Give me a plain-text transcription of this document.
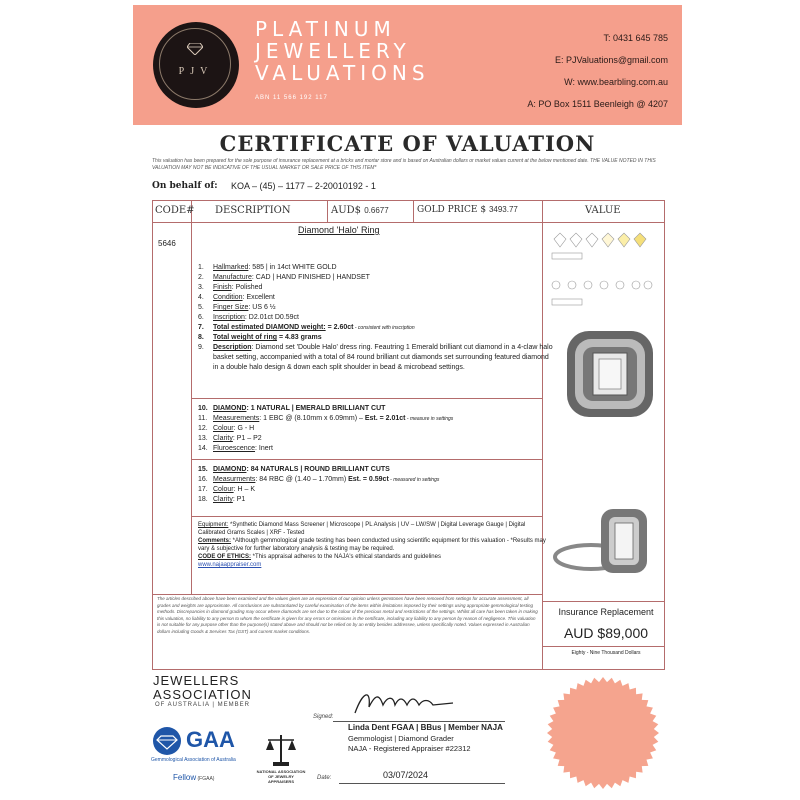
PJV
PLATINUM
JEWELLERY
VALUATIONS
ABN 11 566 192 117
T: 0431 645 785
E: PJValuations@gmail.com
W: www.bearbling.com.au
A: PO Box 1511 Beenleigh @ 4207
CERTIFICATE OF VALUATION
This valuation has been prepared for the sole purpose of insurance replacement at a bricks and mortar store and is based on Australian dollars or market values current at the below mentioned date. THE VALUE NOTED IN THIS VALUATION MAY NOT BE INDICATIVE OF THE USUAL MARKET OR SALE PRICE OF THIS ITEM*
On behalf of: KOA – (45) – 1177 – 2-20010192 - 1
CODE# DESCRIPTION	AUD$ 0.6677	GOLD PRICE $ 3493.77	VALUE
5646
Diamond 'Halo' Ring
1.	Hallmarked: 585 | in 14ct WHITE GOLD
2.	Manufacture: CAD | HAND FINISHED | HANDSET
3.	Finish: Polished
4.	Condition: Excellent
5.	Finger Size: US 6 ½
6.	Inscription: D2.01ct D0.59ct
7.	Total estimated DIAMOND weight: = 2.60ct - consistent with inscription
8.	Total weight of ring = 4.83 grams
9.	Description: Diamond set 'Double Halo' dress ring. Feautring 1 Emerald brilliant cut diamond in a 4-claw halo basket setting, accompanied with a total of 84 round brilliant cut diamonds set surrounding featured diamond in a double halo design & down each split shoulder in bead & microbead settings.
10. DIAMOND: 1 NATURAL | EMERALD BRILLIANT CUT
11. Measurements: 1 EBC @ (8.10mm x 6.09mm) – Est. = 2.01ct - measure in settings
12. Colour: G - H
13. Clarity: P1 – P2
14. Fluroescence: Inert
15. DIAMOND: 84 NATURALS | ROUND BRILLIANT CUTS
16. Measurments: 84 RBC @ (1.40 – 1.70mm) Est. = 0.59ct - measured in settings
17. Colour: H – K
18. Clarity: P1
Equipment: *Synthetic Diamond Mass Screener | Microscope | PL Analysis | UV – LW/SW | Digital Leverage Gauge | Digital Calibrated Grams Scales | XRF - Tested
Comments: *Although gemmological grade testing has been conducted using scientific equipment for this valuation - *Results may vary & subjective for further laboratory analysis & testing may be required.
CODE OF ETHICS: *This appraisal adheres to the NAJA's ethical standards and guidelines
www.najaappraiser.com
The articles described above have been examined and the values given are an expression of our opinion unless gemstones have been removed from settings for accurate assessment, all grades and weights are approximate. All conclusions are substantiated by careful examination of the items within limitations imposed by their settings using appropriate gemmological testing methods. Discrepancies in diamond grading may occur where diamonds are set due to the colour of the precious metal and restrictions of the settings. Whilst all care has been taken in making this valuation, no liability to any person to whom the certificate is given for any errors or omissions in the certificate, including any liability to any person by reason of negligence. This valuation is not suitable for any purpose other than the purpose(s) stated above and should not be relied on by an entity besides addressee, unless specifically noted. Values expressed in Australian dollars including Goods & Services Tax (GST) and current market conditions.
Insurance Replacement
AUD $89,000
Eighty - Nine Thousand Dollars
JEWELLERS
ASSOCIATION
OF AUSTRALIA | MEMBER
GAA
Gemmological Association of Australia
Fellow (FGAA)
NATIONAL ASSOCIATION OF JEWELRY APPRAISERS
Signed:
Linda Dent FGAA | BBus | Member NAJA
Gemmologist | Diamond Grader
NAJA - Registered Appraiser #22312
Date:	03/07/2024
